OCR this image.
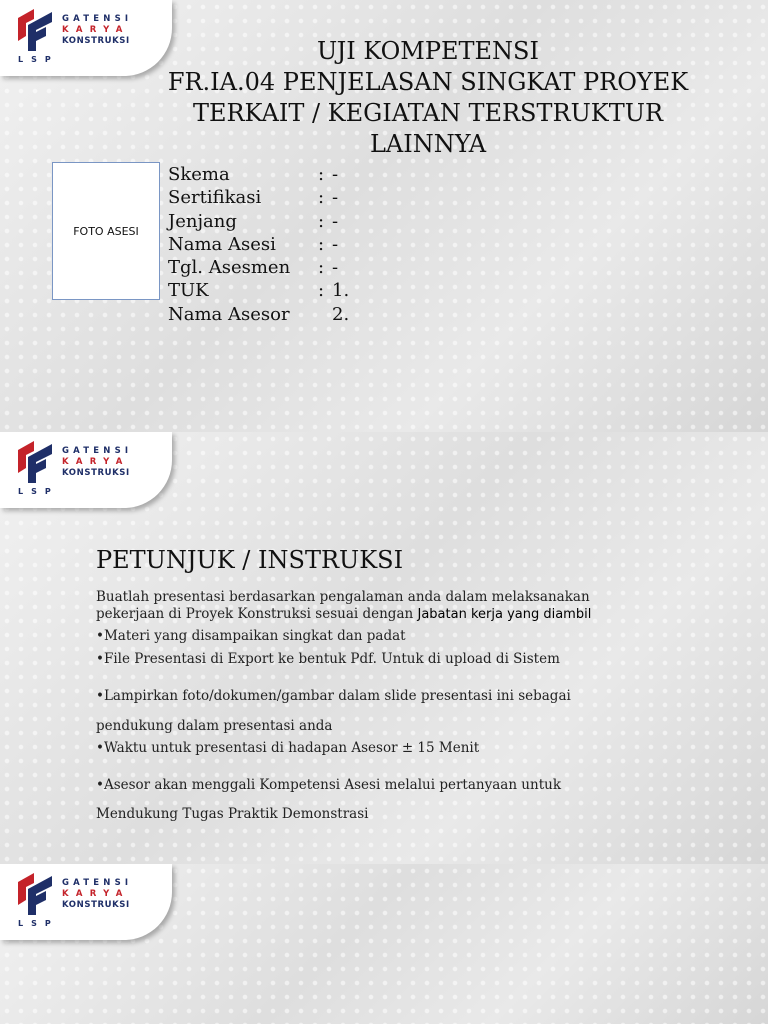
GATENSI
KARYA
KONSTRUKSI
LSP	UJI KOMPETENSI
FR.IA.04 PENJELASAN SINGKAT PROYEK
TERKAIT / KEGIATAN TERSTRUKTUR
LAINNYA
FOTO ASESI
Skema	: -
Sertifikasi	: -
Jenjang	: -
Nama Asesi : -
Tgl. Asesmen : -
TUK	: 1.
Nama Asesor 2.
GATENSI
KARYA
KONSTRUKSI
LSP
PETUNJUK / INSTRUKSI
Buatlah presentasi berdasarkan pengalaman anda dalam melaksanakan
pekerjaan di Proyek Konstruksi sesuai dengan Jabatan kerja yang diambil
•Materi yang disampaikan singkat dan padat
•File Presentasi di Export ke bentuk Pdf. Untuk di upload di Sistem
•Lampirkan foto/dokumen/gambar dalam slide presentasi ini sebagai
pendukung dalam presentasi anda
•Waktu untuk presentasi di hadapan Asesor ± 15 Menit
•Asesor akan menggali Kompetensi Asesi melalui pertanyaan untuk
Mendukung Tugas Praktik Demonstrasi
GATENSI
KARYA
KONSTRUKSI
LSP
